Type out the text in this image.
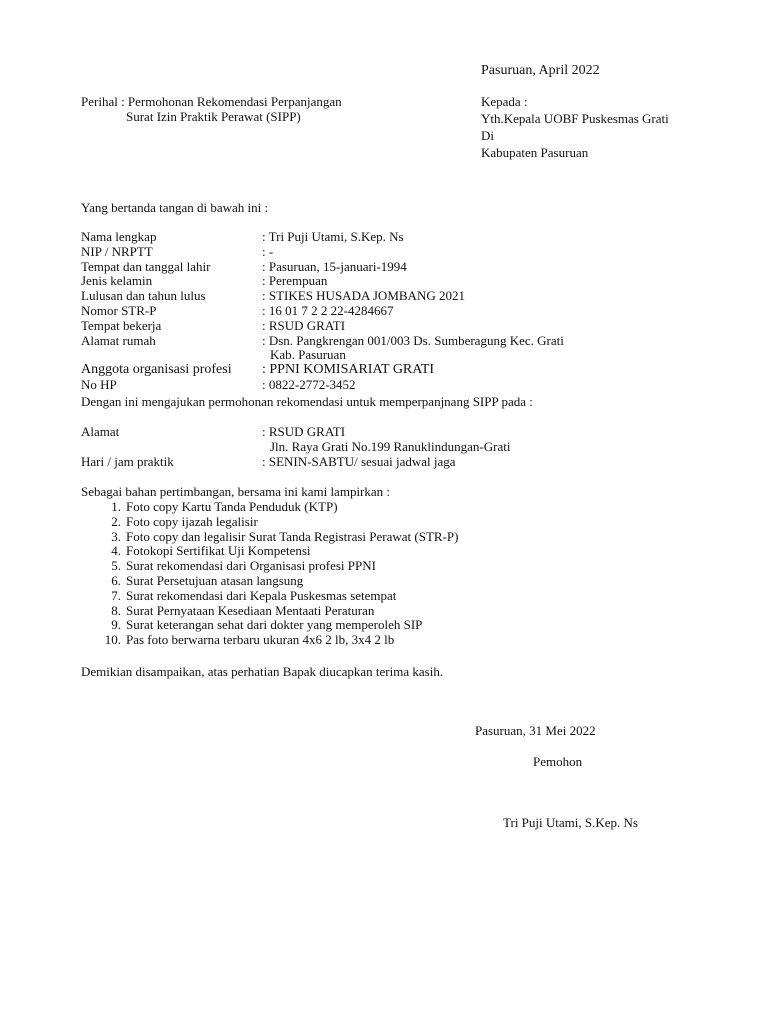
Pasuruan, April 2022
Perihal : Permohonan Rekomendasi Perpanjangan
Surat Izin Praktik Perawat (SIPP)
Kepada :
Yth.Kepala UOBF Puskesmas Grati
Di
Kabupaten Pasuruan
Yang bertanda tangan di bawah ini :
Nama lengkap	: Tri Puji Utami, S.Kep. Ns
NIP / NRPTT	: -
Tempat dan tanggal lahir	: Pasuruan, 15-januari-1994
Jenis kelamin	: Perempuan
Lulusan dan tahun lulus	: STIKES HUSADA JOMBANG 2021
Nomor STR-P	: 16 01 7 2 2 22-4284667
Tempat bekerja	: RSUD GRATI
Alamat rumah	: Dsn. Pangkrengan 001/003 Ds. Sumberagung Kec. Grati
Kab. Pasuruan
Anggota organisasi profesi : PPNI KOMISARIAT GRATI
No HP	: 0822-2772-3452
Dengan ini mengajukan permohonan rekomendasi untuk memperpanjnang SIPP pada :
Alamat	: RSUD GRATI
Jln. Raya Grati No.199 Ranuklindungan-Grati
Hari / jam praktik	: SENIN-SABTU/ sesuai jadwal jaga
Sebagai bahan pertimbangan, bersama ini kami lampirkan :
1. Foto copy Kartu Tanda Penduduk (KTP)
2. Foto copy ijazah legalisir
3. Foto copy dan legalisir Surat Tanda Registrasi Perawat (STR-P)
4. Fotokopi Sertifikat Uji Kompetensi
5. Surat rekomendasi dari Organisasi profesi PPNI
6. Surat Persetujuan atasan langsung
7. Surat rekomendasi dari Kepala Puskesmas setempat
8. Surat Pernyataan Kesediaan Mentaati Peraturan
9. Surat keterangan sehat dari dokter yang memperoleh SIP
10. Pas foto berwarna terbaru ukuran 4x6 2 lb, 3x4 2 lb
Demikian disampaikan, atas perhatian Bapak diucapkan terima kasih.
Pasuruan, 31 Mei 2022
Pemohon
Tri Puji Utami, S.Kep. Ns
